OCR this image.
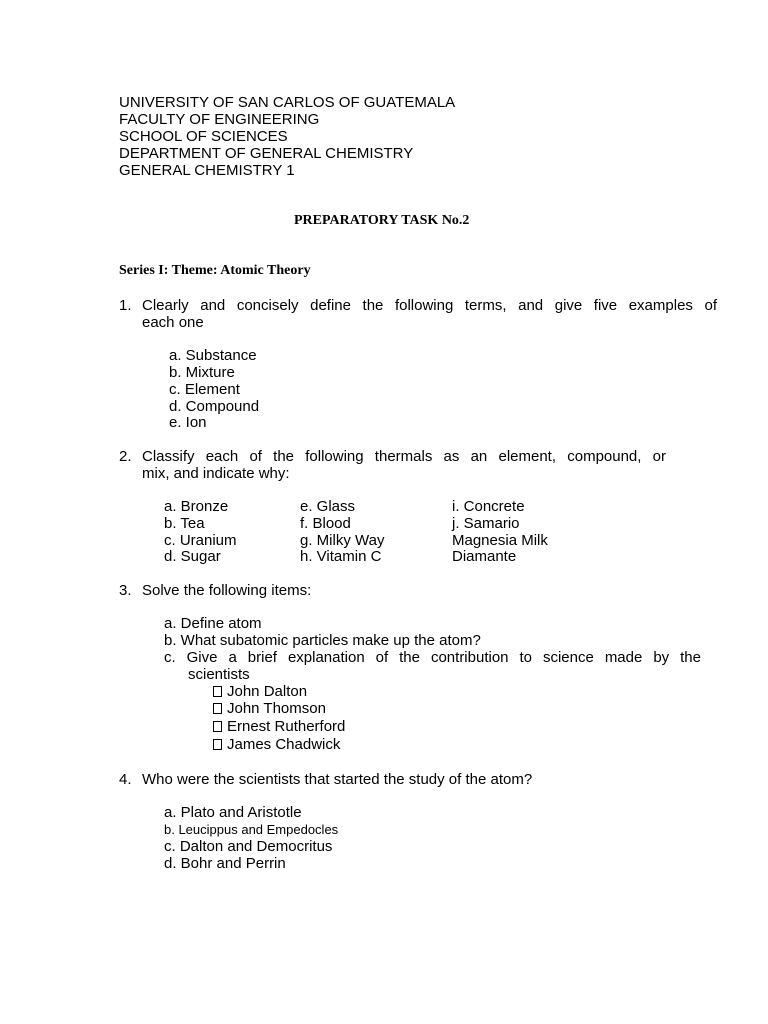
UNIVERSITY OF SAN CARLOS OF GUATEMALA
FACULTY OF ENGINEERING
SCHOOL OF SCIENCES
DEPARTMENT OF GENERAL CHEMISTRY
GENERAL CHEMISTRY 1
PREPARATORY TASK No.2
Series I: Theme: Atomic Theory
1. Clearly and concisely define the following terms, and give five examples of
each one
a. Substance
b. Mixture
c. Element
d. Compound
e. Ion
2. Classify each of the following thermals as an element, compound, or
mix, and indicate why:
a. Bronze
b. Tea
c. Uranium
d. Sugar
e. Glass
f. Blood
g. Milky Way
h. Vitamin C
i. Concrete
j. Samario
Magnesia Milk
Diamante
3. Solve the following items:
a. Define atom
b. What subatomic particles make up the atom?
c. Give a brief explanation of the contribution to science made by the
scientists
John Dalton
John Thomson
Ernest Rutherford
James Chadwick
4. Who were the scientists that started the study of the atom?
a. Plato and Aristotle
b. Leucippus and Empedocles
c. Dalton and Democritus
d. Bohr and Perrin
